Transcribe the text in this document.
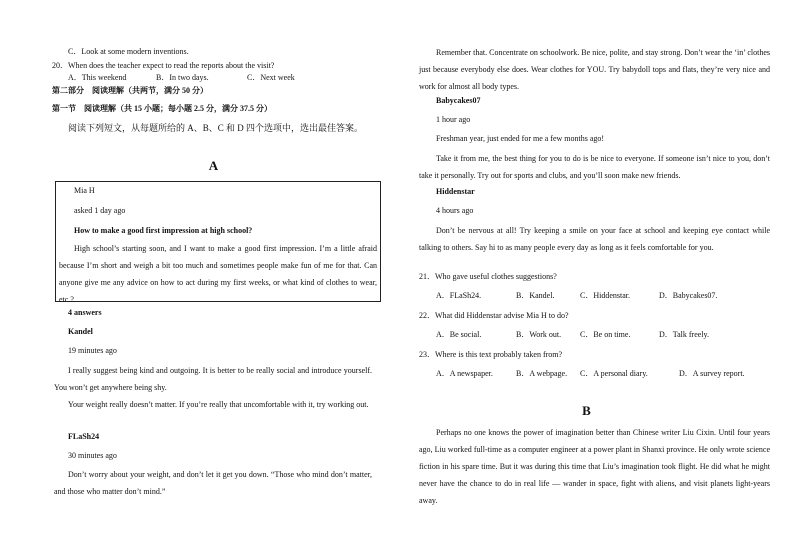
C．Look at some modern inventions.

20．When does the teacher expect to read the reports about the visit?

A．This weekend	B．In two days.	C．Next week

第二部分　阅读理解（共两节，满分 50 分）

第一节　阅读理解（共 15 小题；每小题 2.5 分，满分 37.5 分）

阅读下列短文，从每题所给的 A、B、C 和 D 四个选项中，选出最佳答案。

A

Mia H

asked 1 day ago

How to make a good first impression at high school?

High school’s starting soon, and I want to make a good first impression. I’m a little afraid because I’m short and weigh a bit too much and sometimes people make fun of me for that. Can anyone give me any advice on how to act during my first weeks, or what kind of clothes to wear, etc.?

4 answers

Kandel

19 minutes ago

I really suggest being kind and outgoing. It is better to be really social and introduce yourself. You won’t get anywhere being shy.

Your weight really doesn’t matter. If you’re really that uncomfortable with it, try working out.

FLaSh24

30 minutes ago

Don’t worry about your weight, and don’t let it get you down. “Those who mind don’t matter, and those who matter don’t mind.”

Remember that. Concentrate on schoolwork. Be nice, polite, and stay strong. Don’t wear the ‘in’ clothes just because everybody else does. Wear clothes for YOU. Try babydoll tops and flats, they’re very nice and work for almost all body types.

Babycakes07

1 hour ago

Freshman year, just ended for me a few months ago!

Take it from me, the best thing for you to do is be nice to everyone. If someone isn’t nice to you, don’t take it personally. Try out for sports and clubs, and you’ll soon make new friends.

Hiddenstar

4 hours ago

Don’t be nervous at all! Try keeping a smile on your face at school and keeping eye contact while talking to others. Say hi to as many people every day as long as it feels comfortable for you.

21．Who gave useful clothes suggestions?

A．FLaSh24.	B．Kandel.	C．Hiddenstar.	D．Babycakes07.

22．What did Hiddenstar advise Mia H to do?

A．Be social.	B．Work out. C．Be on time.	D．Talk freely.

23．Where is this text probably taken from?

A．A newspaper.	B．A webpage. C．A personal diary.	D．A survey report.

B

Perhaps no one knows the power of imagination better than Chinese writer Liu Cixin. Until four years ago, Liu worked full-time as a computer engineer at a power plant in Shanxi province. He only wrote science fiction in his spare time. But it was during this time that Liu’s imagination took flight. He did what he might never have the chance to do in real life — wander in space, fight with aliens, and visit planets light-years away.
